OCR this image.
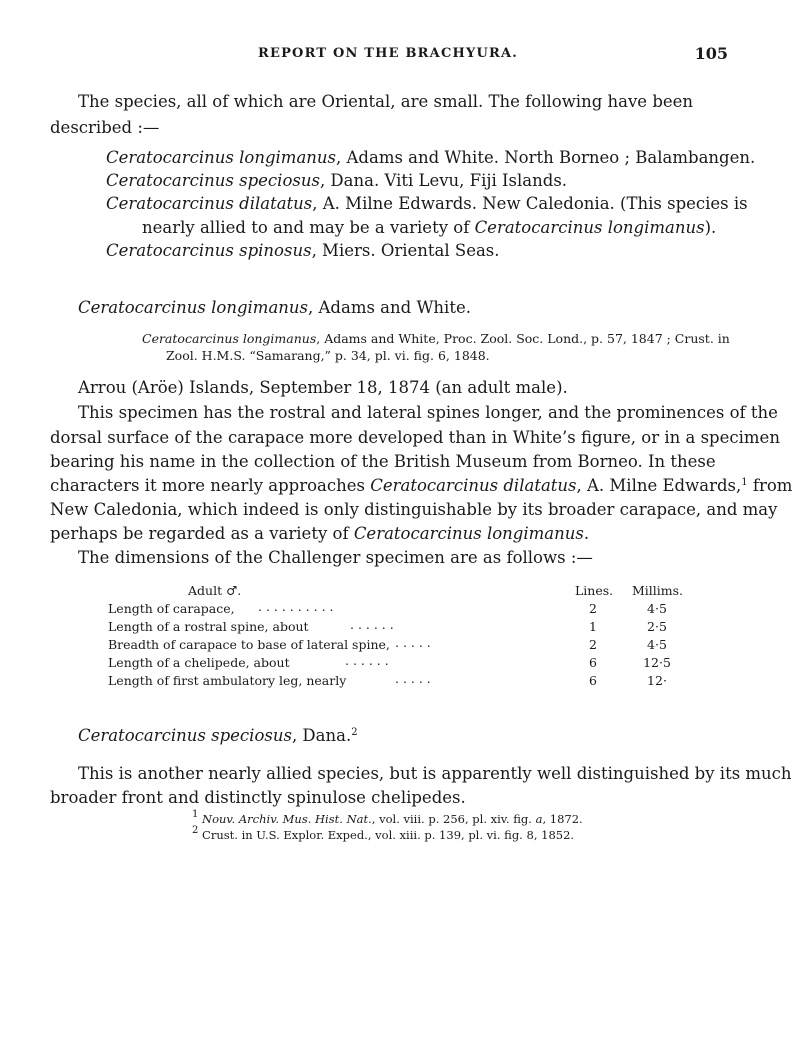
REPORT ON THE BRACHYURA.	105
The species, all of which are Oriental, are small. The following have been
described :—
Ceratocarcinus longimanus, Adams and White. North Borneo ; Balambangen.
Ceratocarcinus speciosus, Dana. Viti Levu, Fiji Islands.
Ceratocarcinus dilatatus, A. Milne Edwards. New Caledonia. (This species is
nearly allied to and may be a variety of Ceratocarcinus longimanus).
Ceratocarcinus spinosus, Miers. Oriental Seas.
Ceratocarcinus longimanus, Adams and White.
Ceratocarcinus longimanus, Adams and White, Proc. Zool. Soc. Lond., p. 57, 1847 ; Crust. in
Zool. H.M.S. “Samarang,” p. 34, pl. vi. fig. 6, 1848.
Arrou (Aröe) Islands, September 18, 1874 (an adult male).
This specimen has the rostral and lateral spines longer, and the prominences of the
dorsal surface of the carapace more developed than in White’s figure, or in a specimen
bearing his name in the collection of the British Museum from Borneo. In these
characters it more nearly approaches Ceratocarcinus dilatatus, A. Milne Edwards,$^1$ from
New Caledonia, which indeed is only distinguishable by its broader carapace, and may
perhaps be regarded as a variety of Ceratocarcinus longimanus.
The dimensions of the Challenger specimen are as follows :—
Adult ♂.	Lines. Millims.
Length of carapace, . . . . . . . . . .	2	4·5
Length of a rostral spine, about	. . . . . .	1	2·5
Breadth of carapace to base of lateral spine, . . . . .	2	4·5
Length of a chelipede, about	. . . . . .	6	12·5
Length of first ambulatory leg, nearly	. . . . .	6	12·
Ceratocarcinus speciosus, Dana.$^2$
This is another nearly allied species, but is apparently well distinguished by its much
broader front and distinctly spinulose chelipedes.
$^1$ Nouv. Archiv. Mus. Hist. Nat., vol. viii. p. 256, pl. xiv. fig. a, 1872.
$^2$ Crust. in U.S. Explor. Exped., vol. xiii. p. 139, pl. vi. fig. 8, 1852.
